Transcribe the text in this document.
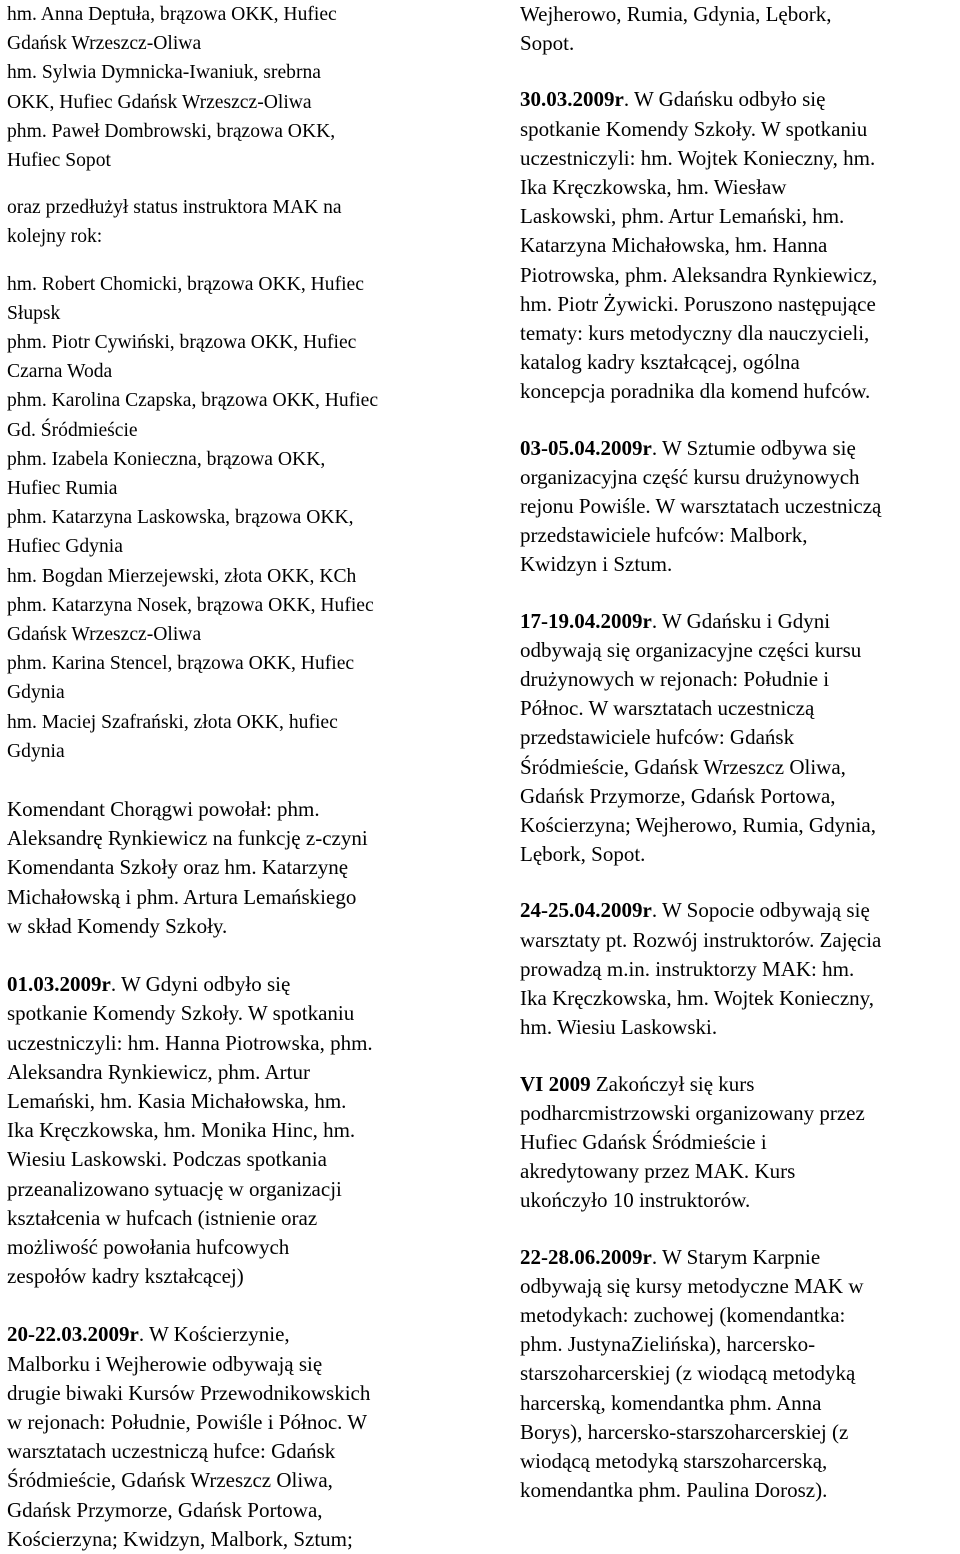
hm. Anna Deptuła, brązowa OKK, Hufiec
Gdańsk Wrzeszcz-Oliwa
hm. Sylwia Dymnicka-Iwaniuk, srebrna
OKK, Hufiec Gdańsk Wrzeszcz-Oliwa
phm. Paweł Dombrowski, brązowa OKK,
Hufiec Sopot

oraz przedłużył status instruktora MAK na
kolejny rok:

hm. Robert Chomicki, brązowa OKK, Hufiec
Słupsk
phm. Piotr Cywiński, brązowa OKK, Hufiec
Czarna Woda
phm. Karolina Czapska, brązowa OKK, Hufiec
Gd. Śródmieście
phm. Izabela Konieczna, brązowa OKK,
Hufiec Rumia
phm. Katarzyna Laskowska, brązowa OKK,
Hufiec Gdynia
hm. Bogdan Mierzejewski, złota OKK, KCh
phm. Katarzyna Nosek, brązowa OKK, Hufiec
Gdańsk Wrzeszcz-Oliwa
phm. Karina Stencel, brązowa OKK, Hufiec
Gdynia
hm. Maciej Szafrański, złota OKK, hufiec
Gdynia

Komendant Chorągwi powołał: phm.
Aleksandrę Rynkiewicz na funkcję z-czyni
Komendanta Szkoły oraz hm. Katarzynę
Michałowską i phm. Artura Lemańskiego
w skład Komendy Szkoły.

01.03.2009r. W Gdyni odbyło się
spotkanie Komendy Szkoły. W spotkaniu
uczestniczyli: hm. Hanna Piotrowska, phm.
Aleksandra Rynkiewicz, phm. Artur
Lemański, hm. Kasia Michałowska, hm.
Ika Kręczkowska, hm. Monika Hinc, hm.
Wiesiu Laskowski. Podczas spotkania
przeanalizowano sytuację w organizacji
kształcenia w hufcach (istnienie oraz
możliwość powołania hufcowych
zespołów kadry kształcącej)

20-22.03.2009r. W Kościerzynie,
Malborku i Wejherowie odbywają się
drugie biwaki Kursów Przewodnikowskich
w rejonach: Południe, Powiśle i Północ. W
warsztatach uczestniczą hufce: Gdańsk
Śródmieście, Gdańsk Wrzeszcz Oliwa,
Gdańsk Przymorze, Gdańsk Portowa,
Kościerzyna; Kwidzyn, Malbork, Sztum;

Wejherowo, Rumia, Gdynia, Lębork,
Sopot.

30.03.2009r. W Gdańsku odbyło się
spotkanie Komendy Szkoły. W spotkaniu
uczestniczyli: hm. Wojtek Konieczny, hm.
Ika Kręczkowska, hm. Wiesław
Laskowski, phm. Artur Lemański, hm.
Katarzyna Michałowska, hm. Hanna
Piotrowska, phm. Aleksandra Rynkiewicz,
hm. Piotr Żywicki. Poruszono następujące
tematy: kurs metodyczny dla nauczycieli,
katalog kadry kształcącej, ogólna
koncepcja poradnika dla komend hufców.

03-05.04.2009r. W Sztumie odbywa się
organizacyjna część kursu drużynowych
rejonu Powiśle. W warsztatach uczestniczą
przedstawiciele hufców: Malbork,
Kwidzyn i Sztum.

17-19.04.2009r. W Gdańsku i Gdyni
odbywają się organizacyjne części kursu
drużynowych w rejonach: Południe i
Północ. W warsztatach uczestniczą
przedstawiciele hufców: Gdańsk
Śródmieście, Gdańsk Wrzeszcz Oliwa,
Gdańsk Przymorze, Gdańsk Portowa,
Kościerzyna; Wejherowo, Rumia, Gdynia,
Lębork, Sopot.

24-25.04.2009r. W Sopocie odbywają się
warsztaty pt. Rozwój instruktorów. Zajęcia
prowadzą m.in. instruktorzy MAK: hm.
Ika Kręczkowska, hm. Wojtek Konieczny,
hm. Wiesiu Laskowski.

VI 2009 Zakończył się kurs
podharcmistrzowski organizowany przez
Hufiec Gdańsk Śródmieście i
akredytowany przez MAK. Kurs
ukończyło 10 instruktorów.

22-28.06.2009r. W Starym Karpnie
odbywają się kursy metodyczne MAK w
metodykach: zuchowej (komendantka:
phm. JustynaZielińska), harcersko-
starszoharcerskiej (z wiodącą metodyką
harcerską, komendantka phm. Anna
Borys), harcersko-starszoharcerskiej (z
wiodącą metodyką starszoharcerską,
komendantka phm. Paulina Dorosz).
